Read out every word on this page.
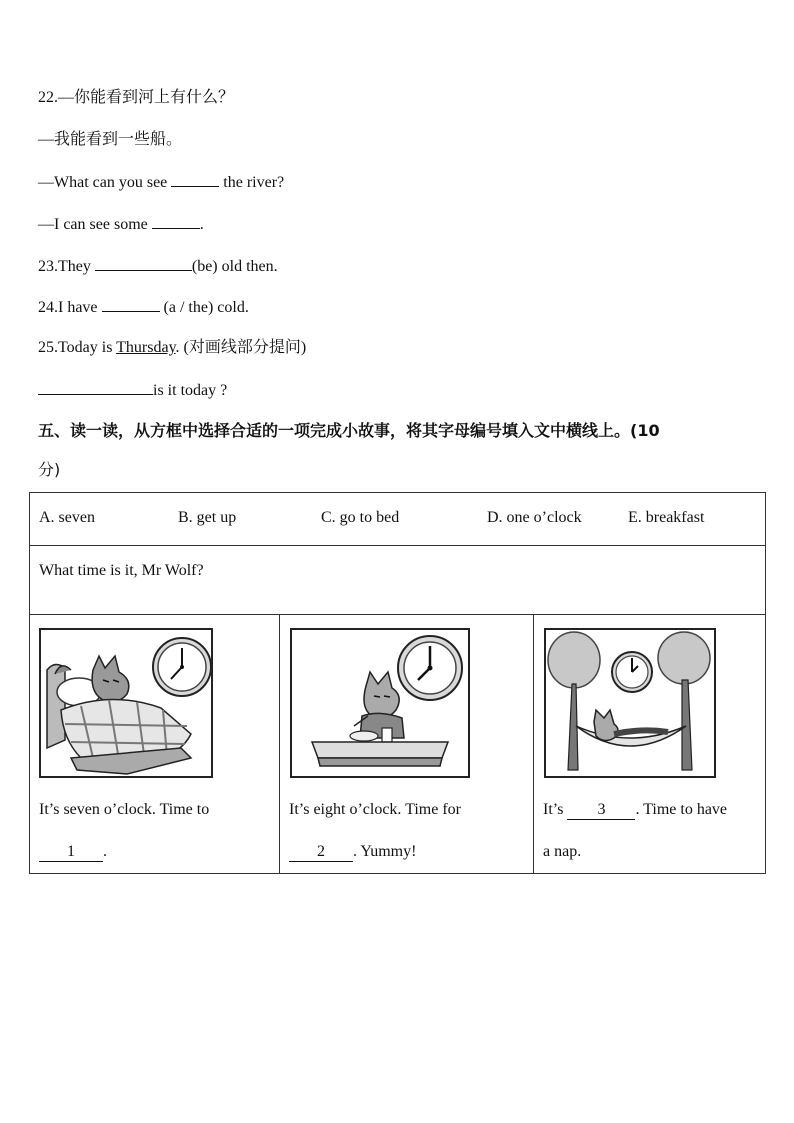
22.—你能看到河上有什么？
—我能看到一些船。
—What can you see	the river?
—I can see some	.
23.They	(be) old then.
24.I have	(a / the) cold.
25.Today is Thursday. (对画线部分提问)
is it today ?
五、读一读，从方框中选择合适的一项完成小故事，将其字母编号填入文中横线上。(10
分)
A. seven	B. get up	C. go to bed	D. one o’clock	E. breakfast

What time is it, Mr Wolf?

It’s seven o’clock. Time to
1 .

It’s eight o’clock. Time for
2 . Yummy!

It’s 3 . Time to have
a nap.
